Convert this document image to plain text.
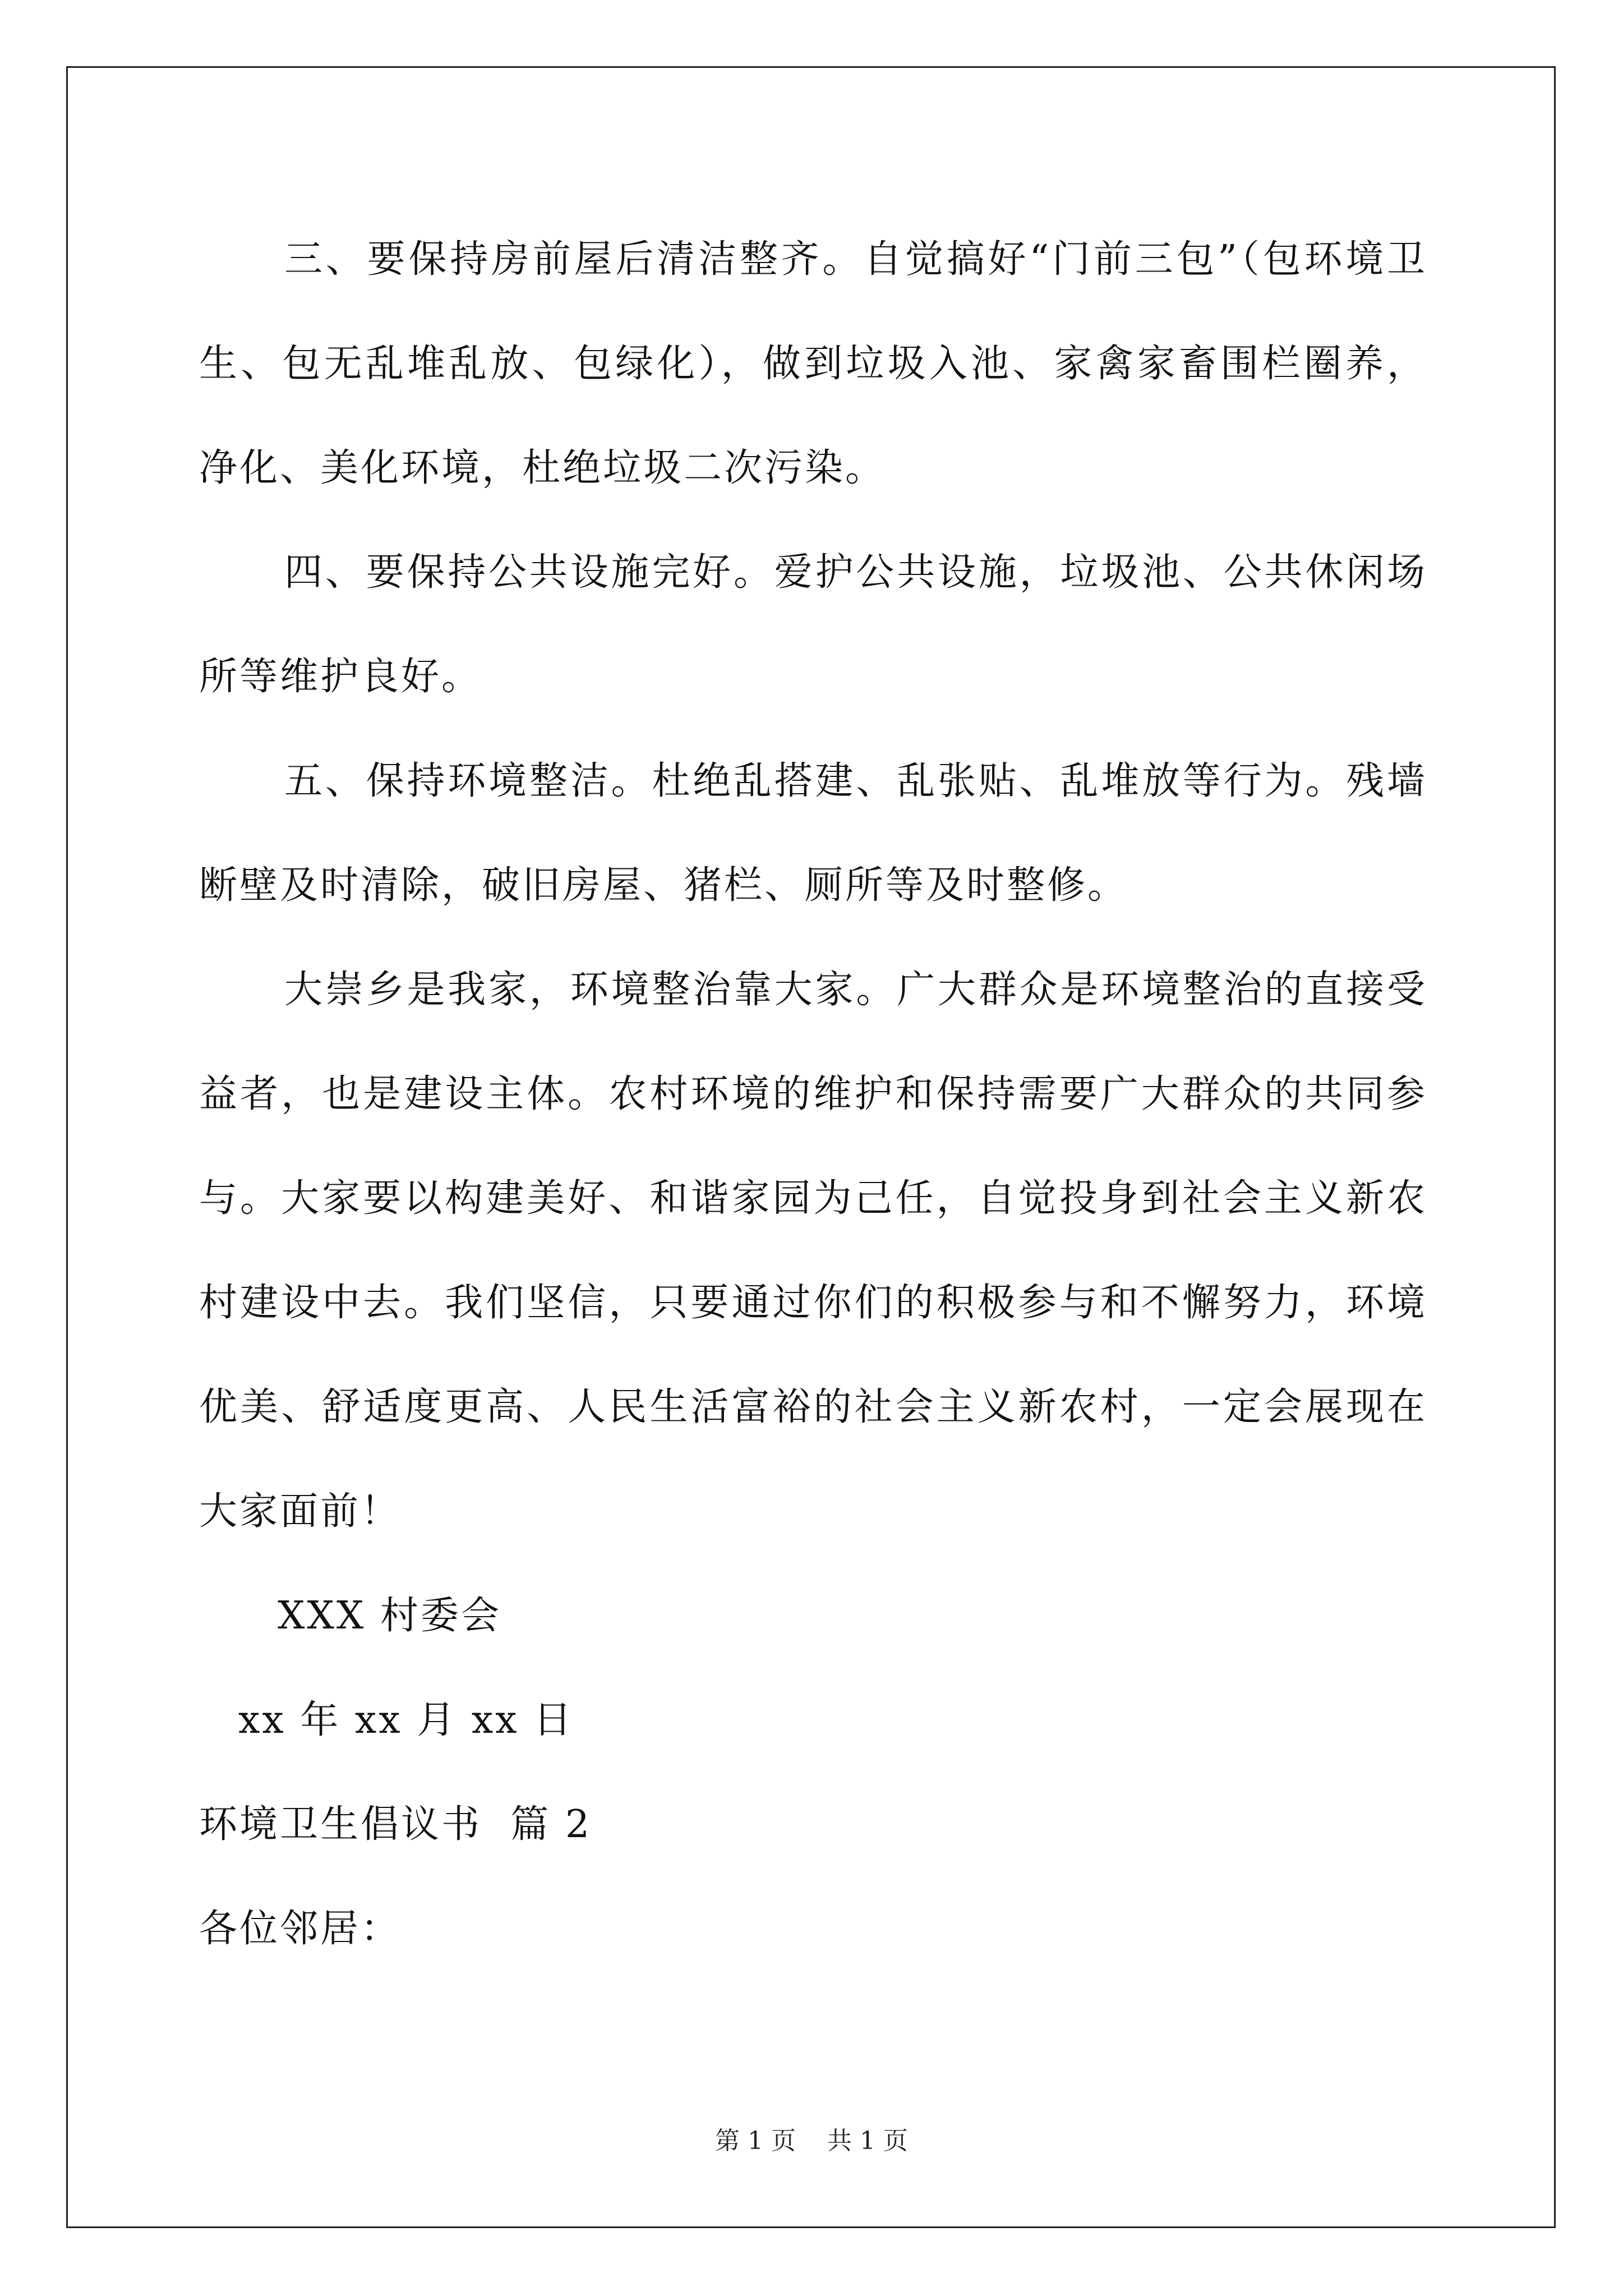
三、要保持房前屋后清洁整齐。自觉搞好“门前三包”（包环境卫生、包无乱堆乱放、包绿化），做到垃圾入池、家禽家畜围栏圈养，净化、美化环境，杜绝垃圾二次污染。

四、要保持公共设施完好。爱护公共设施，垃圾池、公共休闲场所等维护良好。

五、保持环境整洁。杜绝乱搭建、乱张贴、乱堆放等行为。残墙断壁及时清除，破旧房屋、猪栏、厕所等及时整修。

大崇乡是我家，环境整治靠大家。广大群众是环境整治的直接受益者，也是建设主体。农村环境的维护和保持需要广大群众的共同参与。大家要以构建美好、和谐家园为己任，自觉投身到社会主义新农村建设中去。我们坚信，只要通过你们的积极参与和不懈努力，环境优美、舒适度更高、人民生活富裕的社会主义新农村，一定会展现在大家面前！

XXX 村委会

xx 年 xx 月 xx 日

环境卫生倡议书  篇 2

各位邻居：

第 1 页    共 1 页
